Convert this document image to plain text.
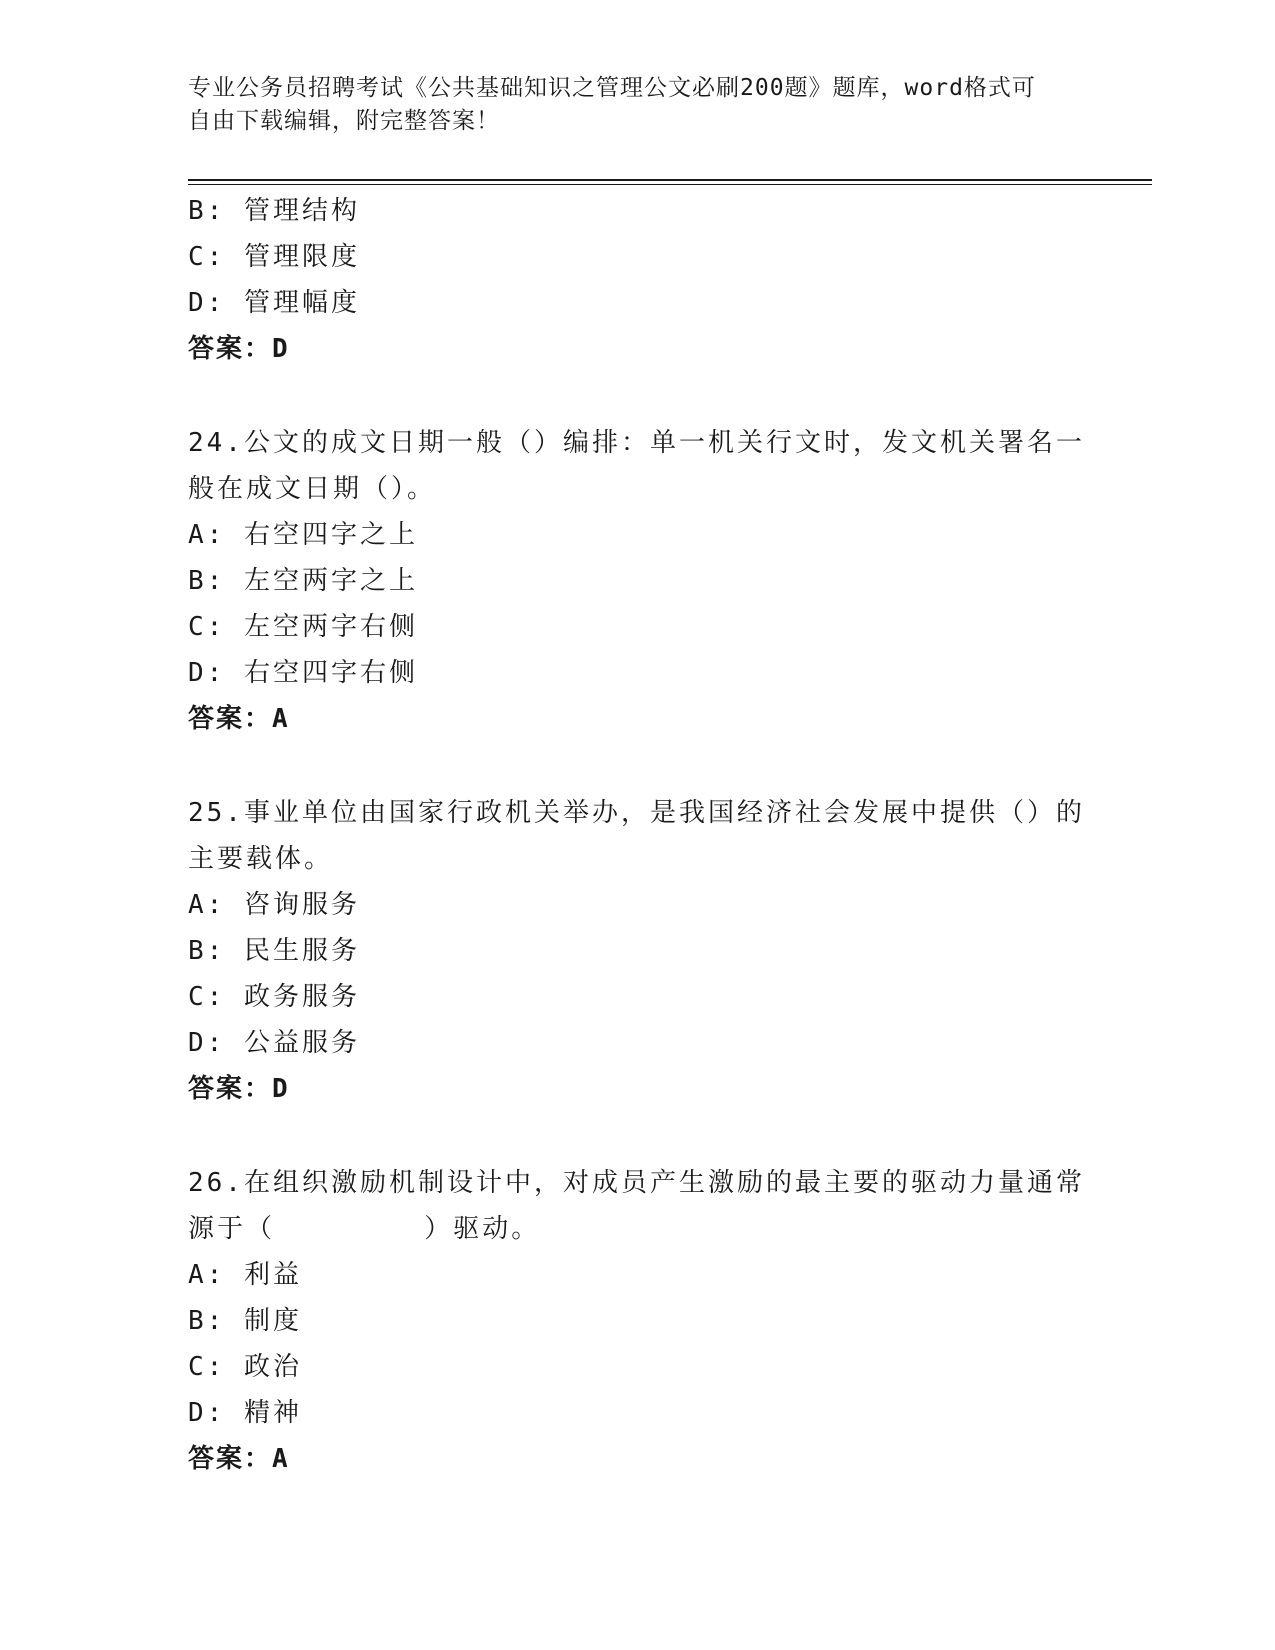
专业公务员招聘考试《公共基础知识之管理公文必刷200题》题库，word格式可
自由下载编辑，附完整答案！
B: 管理结构
C: 管理限度
D: 管理幅度
答案：D
24.公文的成文日期一般（）编排：单一机关行文时，发文机关署名一
般在成文日期（）。
A: 右空四字之上
B: 左空两字之上
C: 左空两字右侧
D: 右空四字右侧
答案：A
25.事业单位由国家行政机关举办，是我国经济社会发展中提供（）的
主要载体。
A: 咨询服务
B: 民生服务
C: 政务服务
D: 公益服务
答案：D
26.在组织激励机制设计中，对成员产生激励的最主要的驱动力量通常
源于（        ）驱动。
A: 利益
B: 制度
C: 政治
D: 精神
答案：A
